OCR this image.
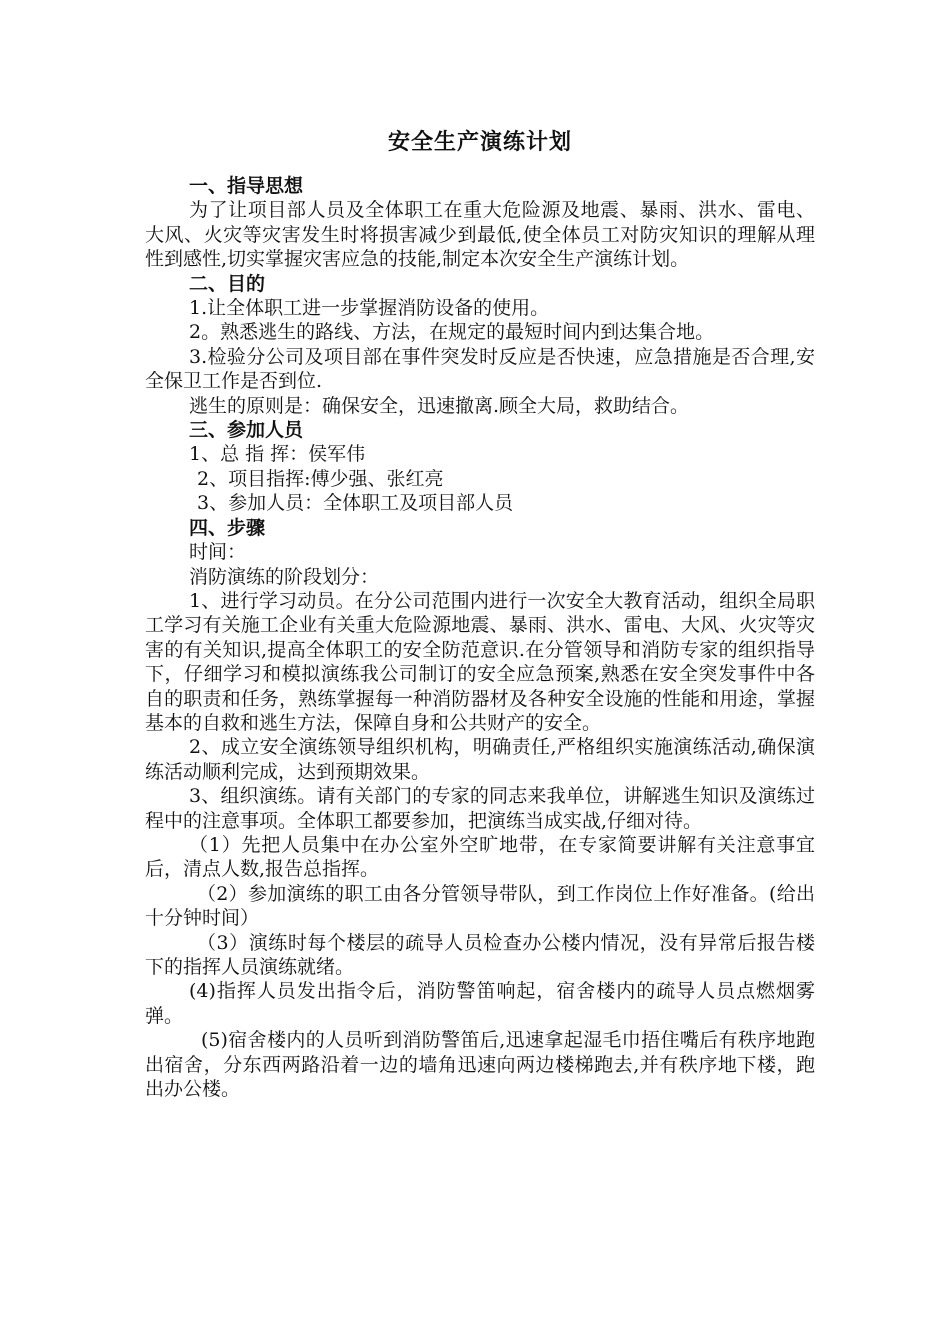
安全生产演练计划
一、指导思想

为了让项目部人员及全体职工在重大危险源及地震、暴雨、洪水、雷电、大风、火灾等灾害发生时将损害减少到最低,使全体员工对防灾知识的理解从理性到感性,切实掌握灾害应急的技能,制定本次安全生产演练计划。

二、目的

1.让全体职工进一步掌握消防设备的使用。

2。熟悉逃生的路线、方法，在规定的最短时间内到达集合地。

3.检验分公司及项目部在事件突发时反应是否快速，应急措施是否合理,安全保卫工作是否到位.

逃生的原则是：确保安全，迅速撤离.顾全大局，救助结合。

三、参加人员

1、总 指 挥：侯军伟

2、项目指挥:傅少强、张红亮

3、参加人员：全体职工及项目部人员

四、步骤

时间：

消防演练的阶段划分：

1、进行学习动员。在分公司范围内进行一次安全大教育活动，组织全局职工学习有关施工企业有关重大危险源地震、暴雨、洪水、雷电、大风、火灾等灾害的有关知识,提高全体职工的安全防范意识.在分管领导和消防专家的组织指导下，仔细学习和模拟演练我公司制订的安全应急预案,熟悉在安全突发事件中各自的职责和任务，熟练掌握每一种消防器材及各种安全设施的性能和用途，掌握基本的自救和逃生方法，保障自身和公共财产的安全。

2、成立安全演练领导组织机构，明确责任,严格组织实施演练活动,确保演练活动顺利完成，达到预期效果。

3、组织演练。请有关部门的专家的同志来我单位，讲解逃生知识及演练过程中的注意事项。全体职工都要参加，把演练当成实战,仔细对待。

（1）先把人员集中在办公室外空旷地带，在专家简要讲解有关注意事宜后，清点人数,报告总指挥。

（2）参加演练的职工由各分管领导带队，到工作岗位上作好准备。(给出十分钟时间）

（3）演练时每个楼层的疏导人员检查办公楼内情况，没有异常后报告楼下的指挥人员演练就绪。

(4)指挥人员发出指令后，消防警笛响起，宿舍楼内的疏导人员点燃烟雾弹。

(5)宿舍楼内的人员听到消防警笛后,迅速拿起湿毛巾捂住嘴后有秩序地跑出宿舍，分东西两路沿着一边的墙角迅速向两边楼梯跑去,并有秩序地下楼，跑出办公楼。
